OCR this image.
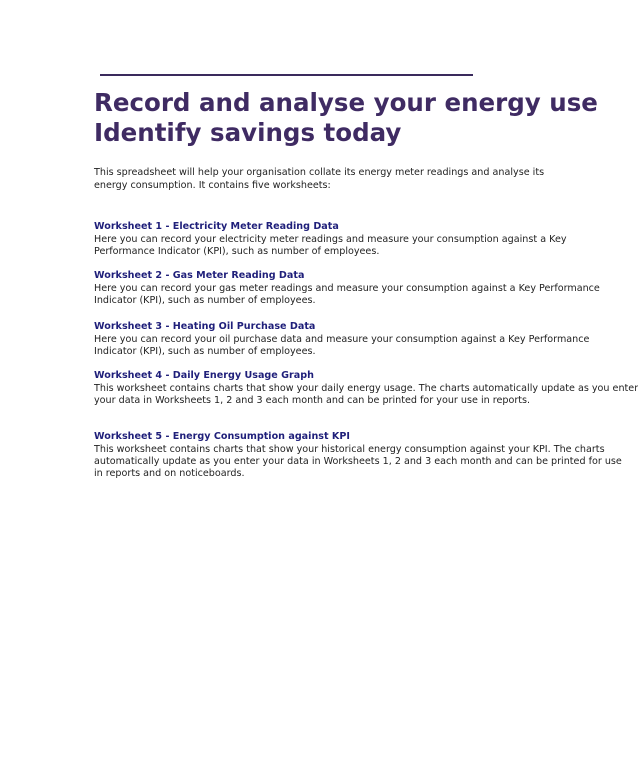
Record and analyse your energy use
Identify savings today
This spreadsheet will help your organisation collate its energy meter readings and analyse its
energy consumption. It contains five worksheets:
Worksheet 1 - Electricity Meter Reading Data
Here you can record your electricity meter readings and measure your consumption against a Key
Performance Indicator (KPI), such as number of employees.
Worksheet 2 - Gas Meter Reading Data
Here you can record your gas meter readings and measure your consumption against a Key Performance
Indicator (KPI), such as number of employees.
Worksheet 3 - Heating Oil Purchase Data
Here you can record your oil purchase data and measure your consumption against a Key Performance
Indicator (KPI), such as number of employees.
Worksheet 4 - Daily Energy Usage Graph
This worksheet contains charts that show your daily energy usage. The charts automatically update as you enter
your data in Worksheets 1, 2 and 3 each month and can be printed for your use in reports.
Worksheet 5 - Energy Consumption against KPI
This worksheet contains charts that show your historical energy consumption against your KPI. The charts
automatically update as you enter your data in Worksheets 1, 2 and 3 each month and can be printed for use
in reports and on noticeboards.
